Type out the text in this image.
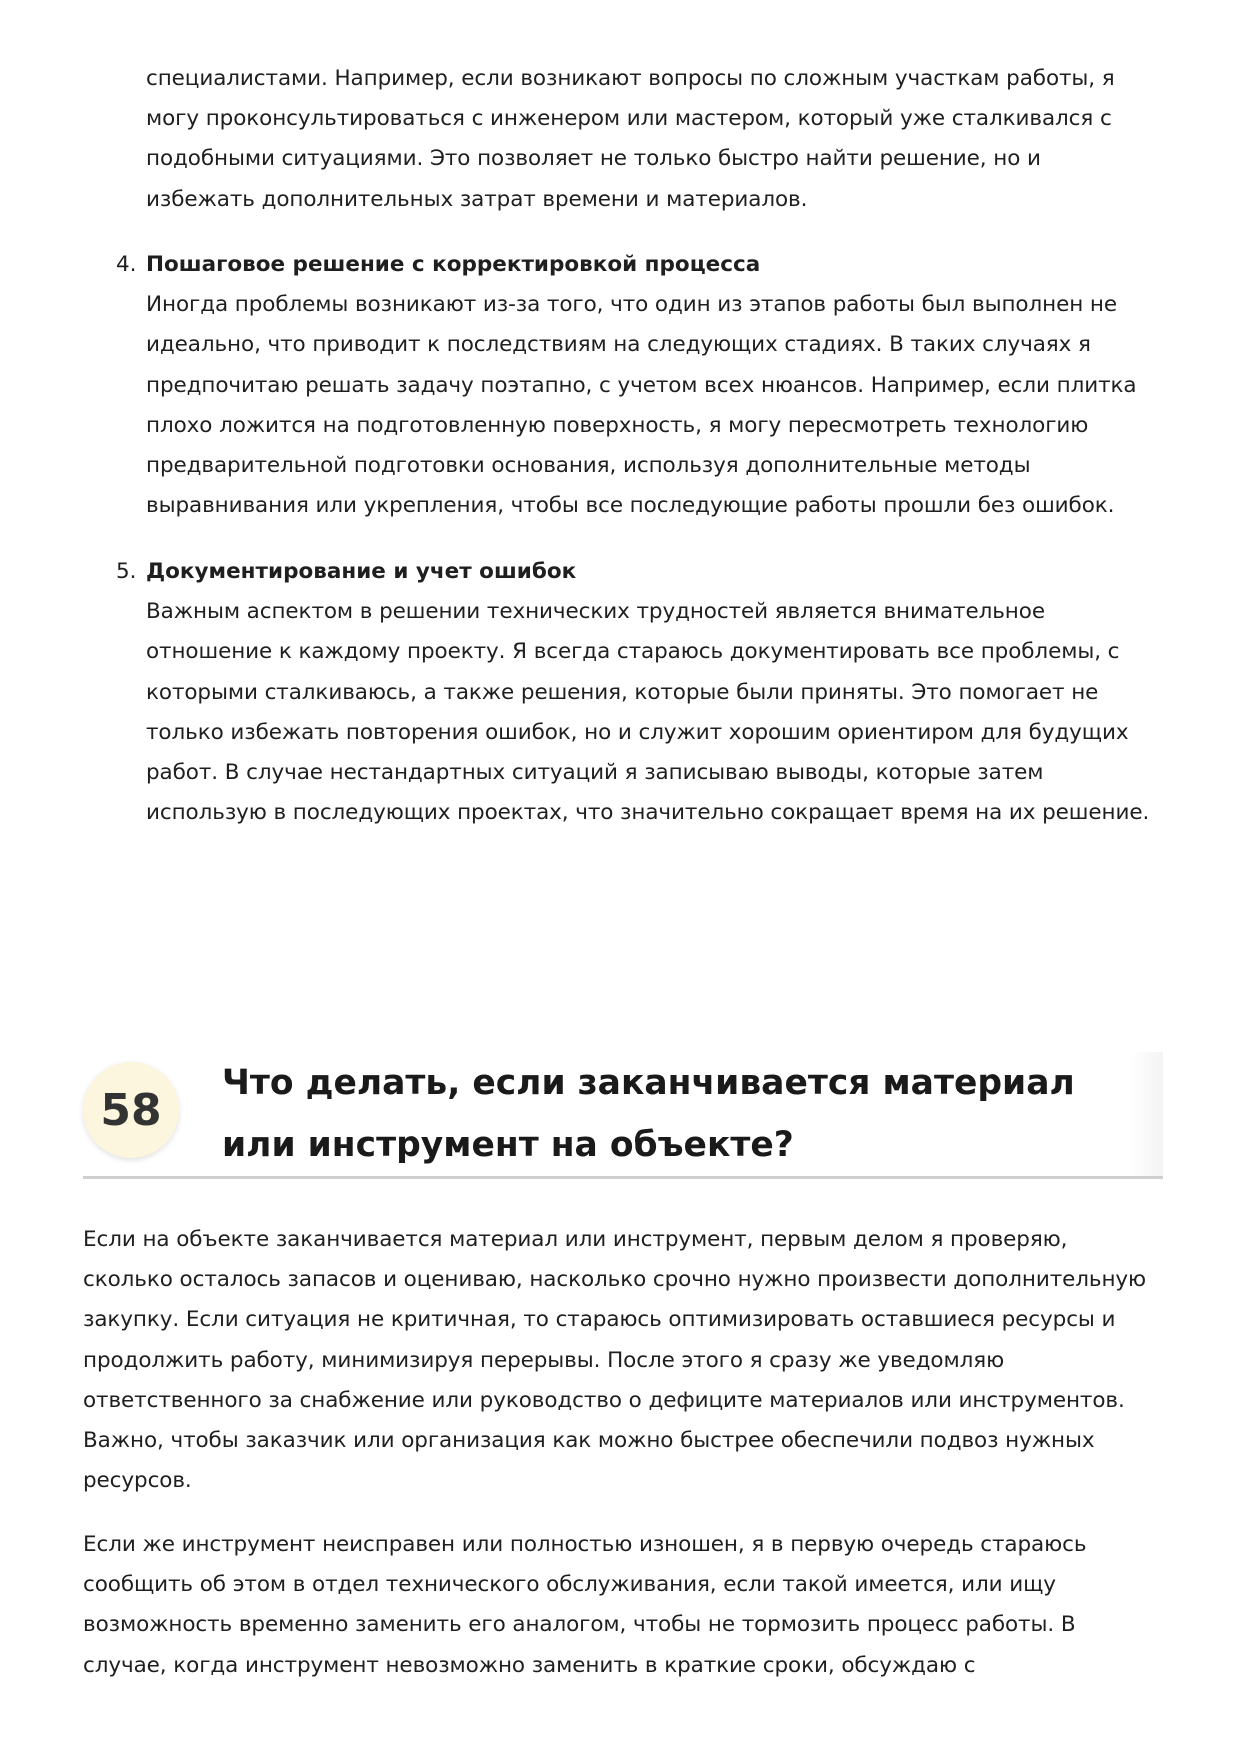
специалистами. Например, если возникают вопросы по сложным участкам работы, я могу проконсультироваться с инженером или мастером, который уже сталкивался с подобными ситуациями. Это позволяет не только быстро найти решение, но и избежать дополнительных затрат времени и материалов.

4. Пошаговое решение с корректировкой процесса

Иногда проблемы возникают из-за того, что один из этапов работы был выполнен не идеально, что приводит к последствиям на следующих стадиях. В таких случаях я предпочитаю решать задачу поэтапно, с учетом всех нюансов. Например, если плитка плохо ложится на подготовленную поверхность, я могу пересмотреть технологию предварительной подготовки основания, используя дополнительные методы выравнивания или укрепления, чтобы все последующие работы прошли без ошибок.

5. Документирование и учет ошибок

Важным аспектом в решении технических трудностей является внимательное отношение к каждому проекту. Я всегда стараюсь документировать все проблемы, с которыми сталкиваюсь, а также решения, которые были приняты. Это помогает не только избежать повторения ошибок, но и служит хорошим ориентиром для будущих работ. В случае нестандартных ситуаций я записываю выводы, которые затем использую в последующих проектах, что значительно сокращает время на их решение.

58
Что делать, если заканчивается материал или инструмент на объекте?

Если на объекте заканчивается материал или инструмент, первым делом я проверяю, сколько осталось запасов и оцениваю, насколько срочно нужно произвести дополнительную закупку. Если ситуация не критичная, то стараюсь оптимизировать оставшиеся ресурсы и продолжить работу, минимизируя перерывы. После этого я сразу же уведомляю ответственного за снабжение или руководство о дефиците материалов или инструментов. Важно, чтобы заказчик или организация как можно быстрее обеспечили подвоз нужных ресурсов.

Если же инструмент неисправен или полностью изношен, я в первую очередь стараюсь сообщить об этом в отдел технического обслуживания, если такой имеется, или ищу возможность временно заменить его аналогом, чтобы не тормозить процесс работы. В случае, когда инструмент невозможно заменить в краткие сроки, обсуждаю с
